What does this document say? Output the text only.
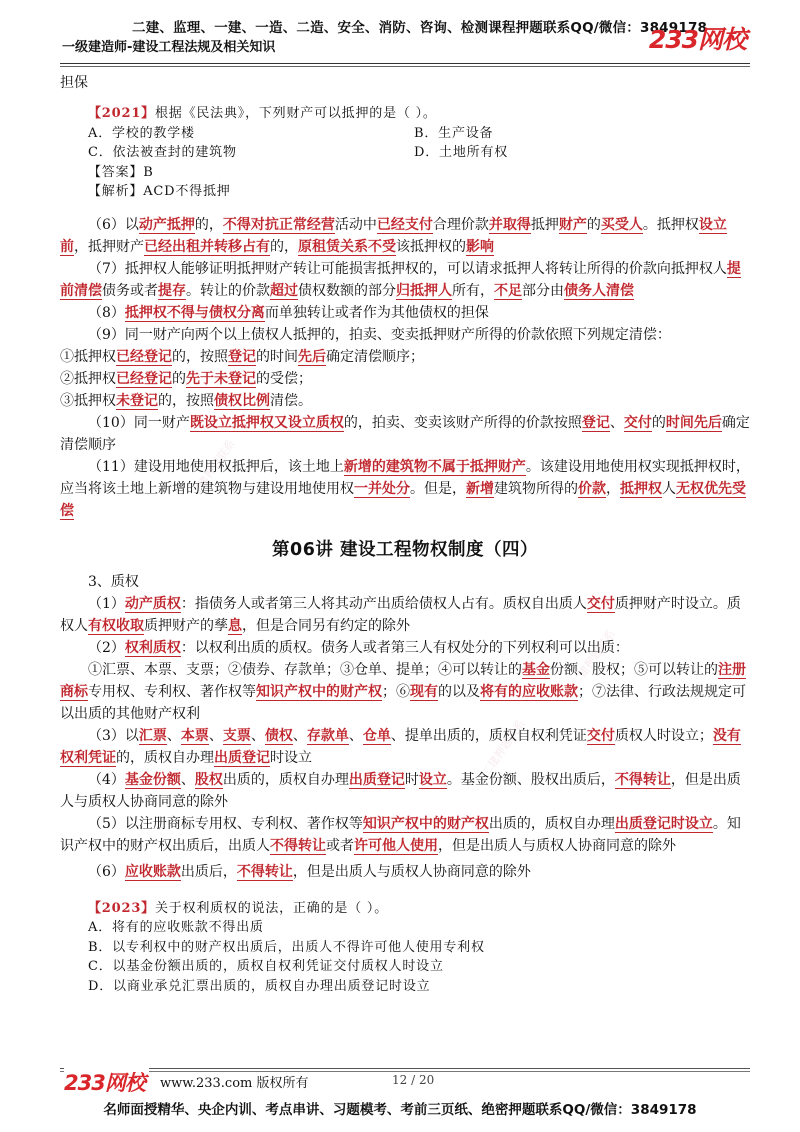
二建、监理、一建、一造、二造、安全、消防、咨询、检测课程押题联系QQ/微信：3849178
一级建造师-建设工程法规及相关知识	233网校
二建押题联系
二建押题联系
二建押题联系

担保

【2021】根据《民法典》，下列财产可以抵押的是（ ）。
A．学校的教学楼	B．生产设备
C．依法被查封的建筑物	D．土地所有权
【答案】B
【解析】ACD不得抵押

（6）以动产抵押的，不得对抗正常经营活动中已经支付合理价款并取得抵押财产的买受人。抵押权设立前，抵押财产已经出租并转移占有的，原租赁关系不受该抵押权的影响

（7）抵押权人能够证明抵押财产转让可能损害抵押权的，可以请求抵押人将转让所得的价款向抵押权人提前清偿债务或者提存。转让的价款超过债权数额的部分归抵押人所有，不足部分由债务人清偿

（8）抵押权不得与债权分离而单独转让或者作为其他债权的担保

（9）同一财产向两个以上债权人抵押的，拍卖、变卖抵押财产所得的价款依照下列规定清偿：

①抵押权已经登记的，按照登记的时间先后确定清偿顺序；

②抵押权已经登记的先于未登记的受偿；

③抵押权未登记的，按照债权比例清偿。

（10）同一财产既设立抵押权又设立质权的，拍卖、变卖该财产所得的价款按照登记、交付的时间先后确定清偿顺序

（11）建设用地使用权抵押后，该土地上新增的建筑物不属于抵押财产。该建设用地使用权实现抵押权时，应当将该土地上新增的建筑物与建设用地使用权一并处分。但是，新增建筑物所得的价款，抵押权人无权优先受偿

第06讲 建设工程物权制度（四）

3、质权

（1）动产质权：指债务人或者第三人将其动产出质给债权人占有。质权自出质人交付质押财产时设立。质权人有权收取质押财产的孳息，但是合同另有约定的除外

（2）权利质权：以权利出质的质权。债务人或者第三人有权处分的下列权利可以出质：

①汇票、本票、支票；②债券、存款单；③仓单、提单；④可以转让的基金份额、股权；⑤可以转让的注册商标专用权、专利权、著作权等知识产权中的财产权；⑥现有的以及将有的应收账款；⑦法律、行政法规规定可以出质的其他财产权利

（3）以汇票、本票、支票、债权、存款单、仓单、提单出质的，质权自权利凭证交付质权人时设立；没有权利凭证的，质权自办理出质登记时设立

（4）基金份额、股权出质的，质权自办理出质登记时设立。基金份额、股权出质后，不得转让，但是出质人与质权人协商同意的除外

（5）以注册商标专用权、专利权、著作权等知识产权中的财产权出质的，质权自办理出质登记时设立。知识产权中的财产权出质后，出质人不得转让或者许可他人使用，但是出质人与质权人协商同意的除外

（6）应收账款出质后，不得转让，但是出质人与质权人协商同意的除外

【2023】关于权利质权的说法，正确的是（ ）。
A．将有的应收账款不得出质
B．以专利权中的财产权出质后，出质人不得许可他人使用专利权
C．以基金份额出质的，质权自权利凭证交付质权人时设立
D．以商业承兑汇票出质的，质权自办理出质登记时设立
233网校	www.233.com 版权所有	12 / 20
名师面授精华、央企内训、考点串讲、习题模考、考前三页纸、绝密押题联系QQ/微信：3849178
